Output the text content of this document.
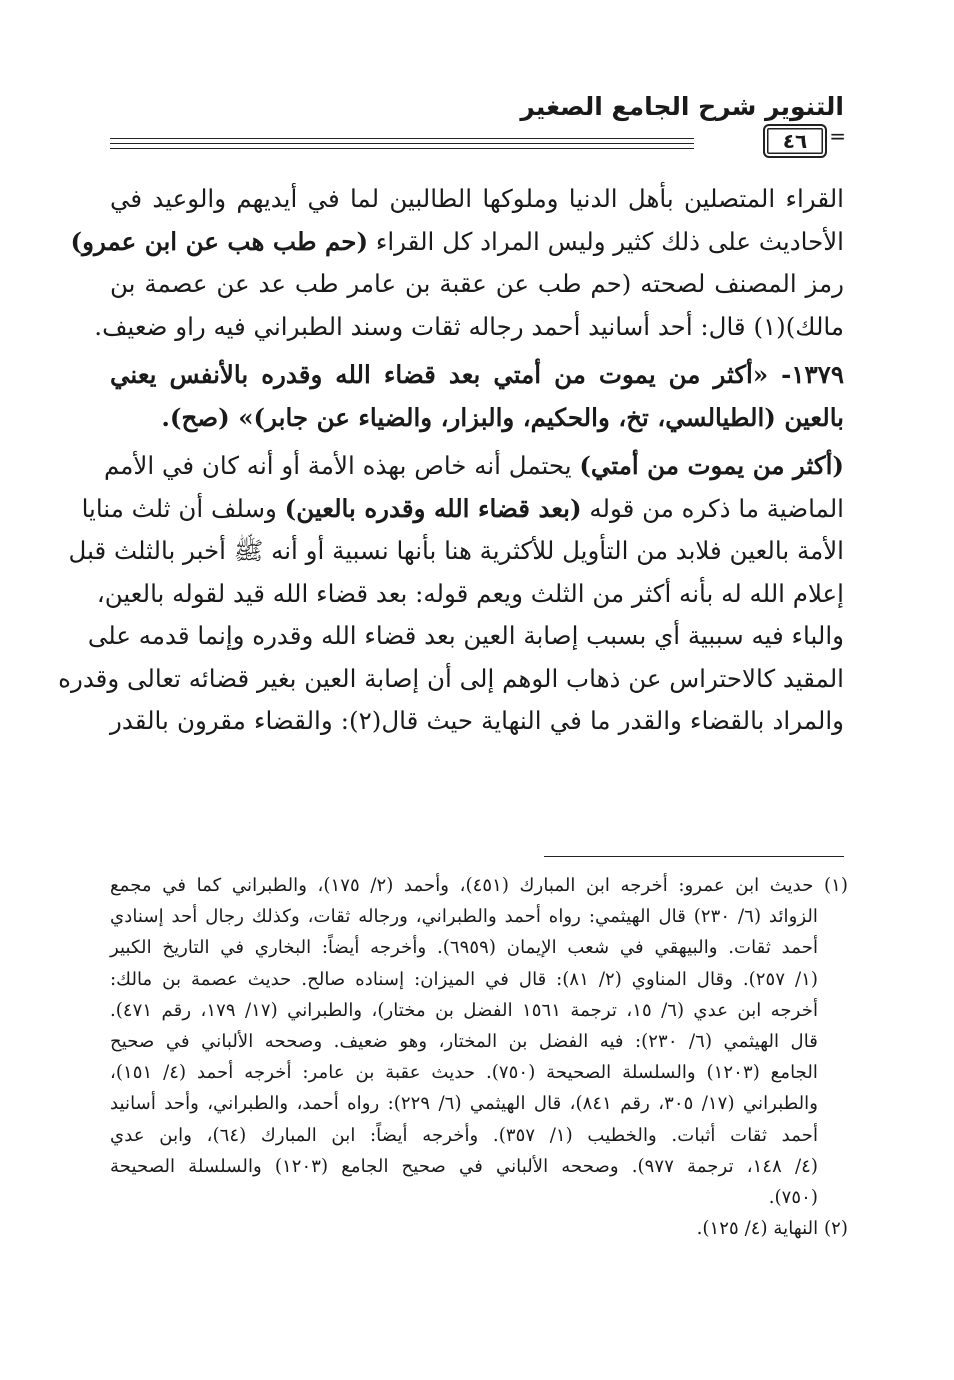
التنوير شرح الجامع الصغير
٤٦ =
القراء المتصلين بأهل الدنيا وملوكها الطالبين لما في أيديهم والوعيد في
الأحاديث على ذلك كثير وليس المراد كل القراء (حم طب هب عن ابن عمرو)
رمز المصنف لصحته (حم طب عن عقبة بن عامر طب عد عن عصمة بن
مالك)(١) قال: أحد أسانيد أحمد رجاله ثقات وسند الطبراني فيه راو ضعيف.
١٣٧٩- «أكثر من يموت من أمتي بعد قضاء الله وقدره بالأنفس يعني
بالعين (الطيالسي، تخ، والحكيم، والبزار، والضياء عن جابر)» (صح).
(أكثر من يموت من أمتي) يحتمل أنه خاص بهذه الأمة أو أنه كان في الأمم
الماضية ما ذكره من قوله (بعد قضاء الله وقدره بالعين) وسلف أن ثلث منايا
الأمة بالعين فلابد من التأويل للأكثرية هنا بأنها نسبية أو أنه ﷺ أخبر بالثلث قبل
إعلام الله له بأنه أكثر من الثلث ويعم قوله: بعد قضاء الله قيد لقوله بالعين،
والباء فيه سببية أي بسبب إصابة العين بعد قضاء الله وقدره وإنما قدمه على
المقيد كالاحتراس عن ذهاب الوهم إلى أن إصابة العين بغير قضائه تعالى وقدره
والمراد بالقضاء والقدر ما في النهاية حيث قال(٢): والقضاء مقرون بالقدر
(١) حديث ابن عمرو: أخرجه ابن المبارك (٤٥١)، وأحمد (٢/ ١٧٥)، والطبراني كما في مجمع
الزوائد (٦/ ٢٣٠) قال الهيثمي: رواه أحمد والطبراني، ورجاله ثقات، وكذلك رجال أحد إسنادي
أحمد ثقات. والبيهقي في شعب الإيمان (٦٩٥٩). وأخرجه أيضاً: البخاري في التاريخ الكبير
(١/ ٢٥٧). وقال المناوي (٢/ ٨١): قال في الميزان: إسناده صالح. حديث عصمة بن مالك:
أخرجه ابن عدي (٦/ ١٥، ترجمة ١٥٦١ الفضل بن مختار)، والطبراني (١٧/ ١٧٩، رقم ٤٧١).
قال الهيثمي (٦/ ٢٣٠): فيه الفضل بن المختار، وهو ضعيف. وصححه الألباني في صحيح
الجامع (١٢٠٣) والسلسلة الصحيحة (٧٥٠). حديث عقبة بن عامر: أخرجه أحمد (٤/ ١٥١)،
والطبراني (١٧/ ٣٠٥، رقم ٨٤١)، قال الهيثمي (٦/ ٢٢٩): رواه أحمد، والطبراني، وأحد أسانيد
أحمد ثقات أثبات. والخطيب (١/ ٣٥٧). وأخرجه أيضاً: ابن المبارك (٦٤)، وابن عدي
(٤/ ١٤٨، ترجمة ٩٧٧). وصححه الألباني في صحيح الجامع (١٢٠٣) والسلسلة الصحيحة
(٧٥٠).
(٢) النهاية (٤/ ١٢٥).
